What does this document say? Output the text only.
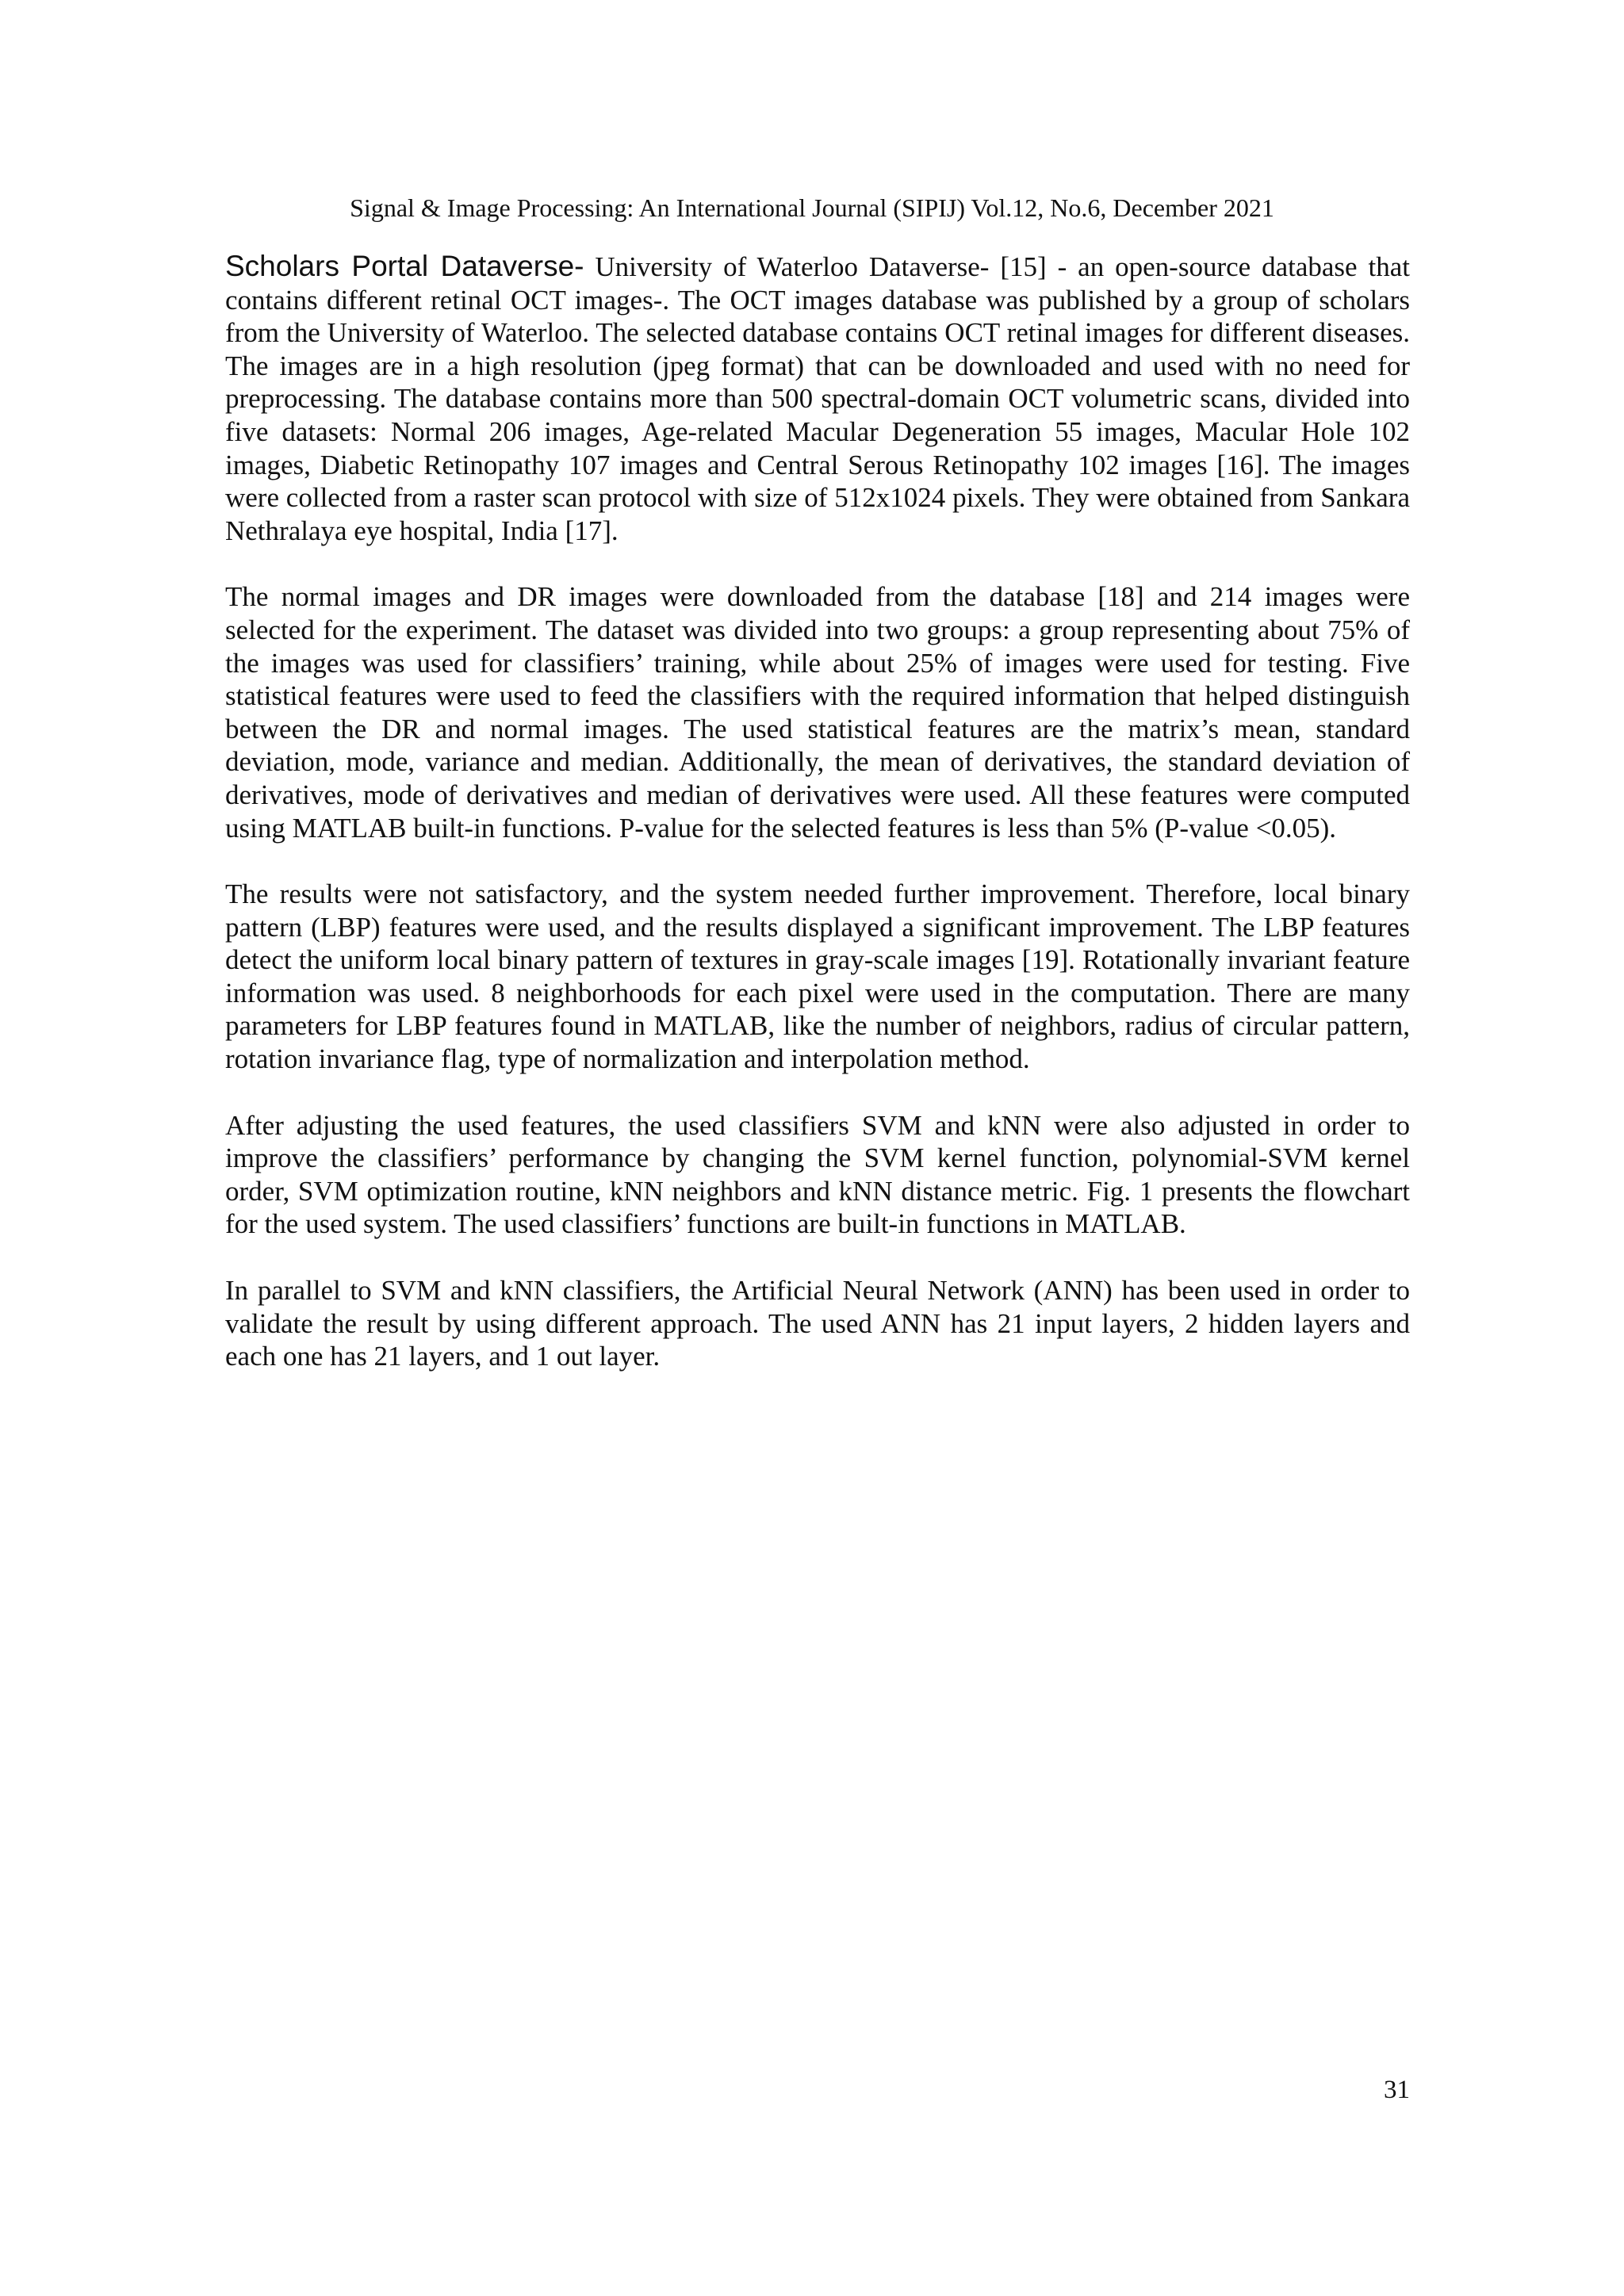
Signal & Image Processing: An International Journal (SIPIJ) Vol.12, No.6, December 2021

Scholars Portal Dataverse- University of Waterloo Dataverse- [15] - an open-source database that contains different retinal OCT images-. The OCT images database was published by a group of scholars from the University of Waterloo. The selected database contains OCT retinal images for different diseases. The images are in a high resolution (jpeg format) that can be downloaded and used with no need for preprocessing. The database contains more than 500 spectral-domain OCT volumetric scans, divided into five datasets: Normal 206 images, Age-related Macular Degeneration 55 images, Macular Hole 102 images, Diabetic Retinopathy 107 images and Central Serous Retinopathy 102 images [16]. The images were collected from a raster scan protocol with size of 512x1024 pixels. They were obtained from Sankara Nethralaya eye hospital, India [17].

The normal images and DR images were downloaded from the database [18] and 214 images were selected for the experiment. The dataset was divided into two groups: a group representing about 75% of the images was used for classifiers’ training, while about 25% of images were used for testing. Five statistical features were used to feed the classifiers with the required information that helped distinguish between the DR and normal images. The used statistical features are the matrix’s mean, standard deviation, mode, variance and median. Additionally, the mean of derivatives, the standard deviation of derivatives, mode of derivatives and median of derivatives were used. All these features were computed using MATLAB built-in functions. P-value for the selected features is less than 5% (P-value <0.05).

The results were not satisfactory, and the system needed further improvement. Therefore, local binary pattern (LBP) features were used, and the results displayed a significant improvement. The LBP features detect the uniform local binary pattern of textures in gray-scale images [19]. Rotationally invariant feature information was used. 8 neighborhoods for each pixel were used in the computation. There are many parameters for LBP features found in MATLAB, like the number of neighbors, radius of circular pattern, rotation invariance flag, type of normalization and interpolation method.

After adjusting the used features, the used classifiers SVM and kNN were also adjusted in order to improve the classifiers’ performance by changing the SVM kernel function, polynomial-SVM kernel order, SVM optimization routine, kNN neighbors and kNN distance metric. Fig. 1 presents the flowchart for the used system. The used classifiers’ functions are built-in functions in MATLAB.

In parallel to SVM and kNN classifiers, the Artificial Neural Network (ANN) has been used in order to validate the result by using different approach. The used ANN has 21 input layers, 2 hidden layers and each one has 21 layers, and 1 out layer.

31
